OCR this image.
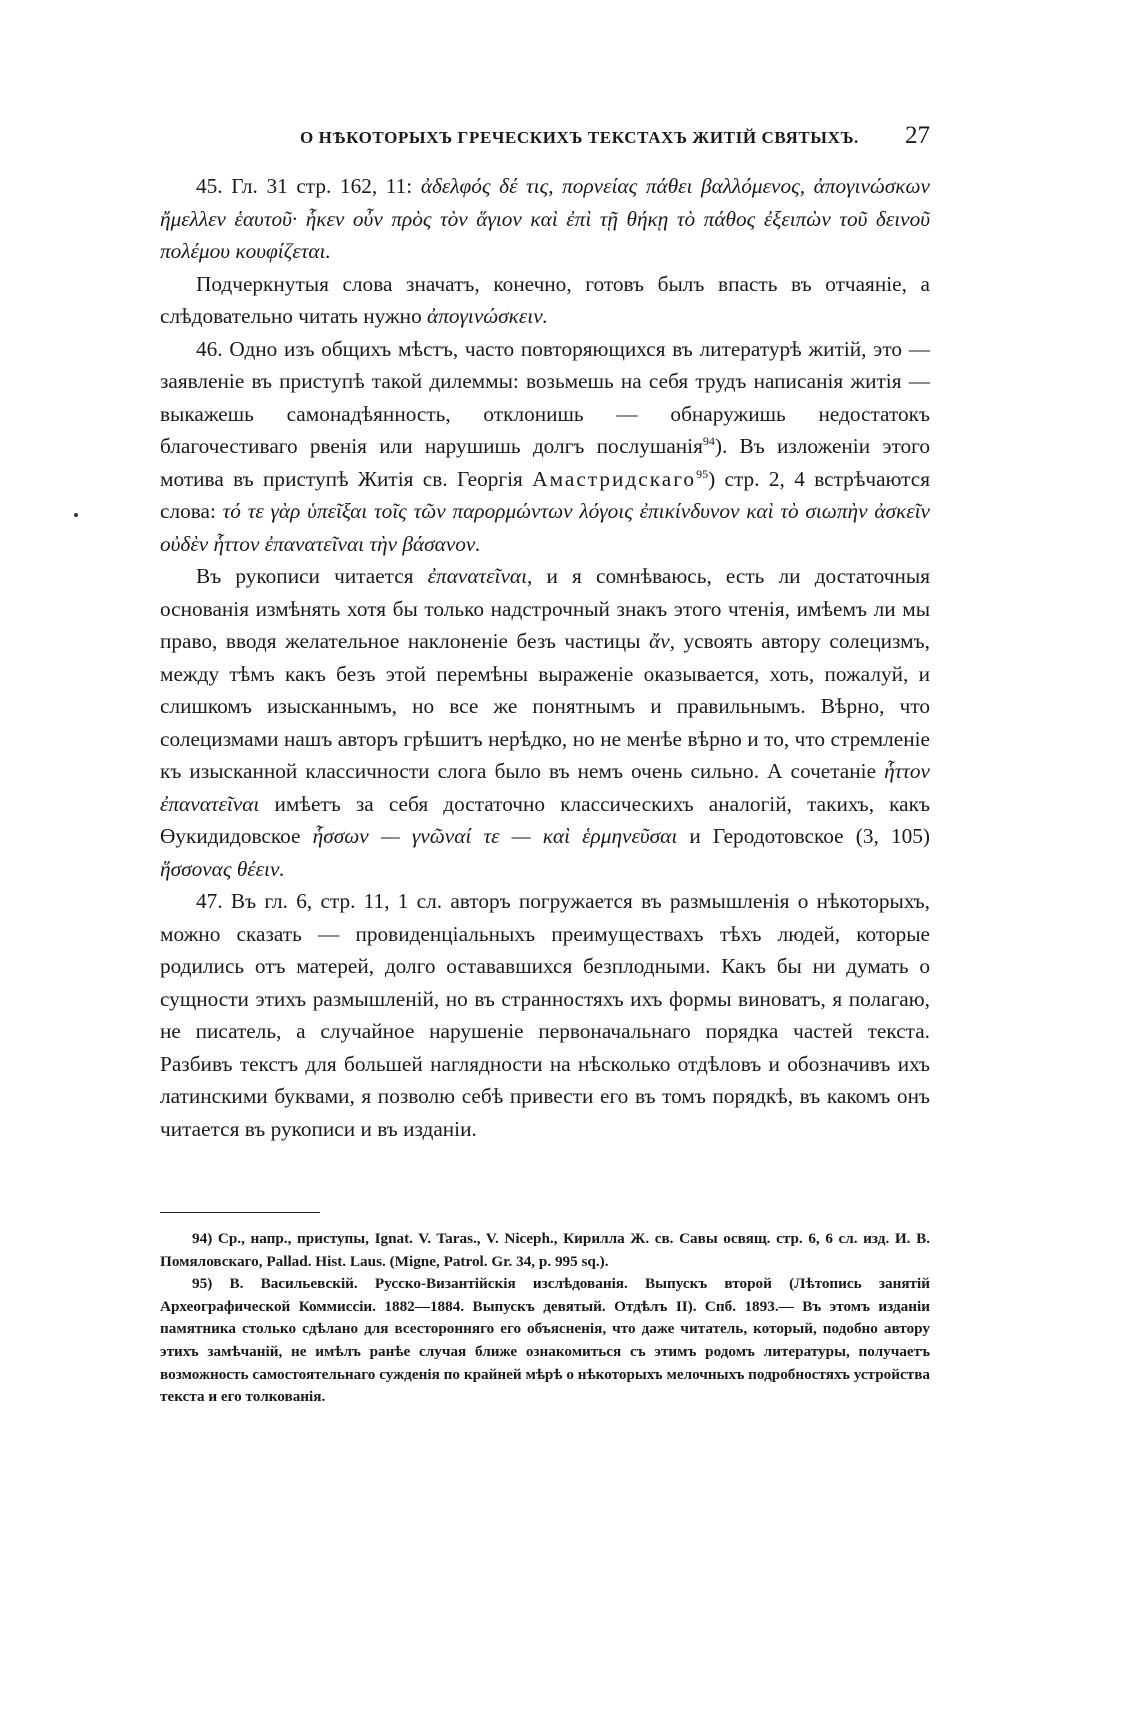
О НѢКОТОРЫХЪ ГРЕЧЕСКИХЪ ТЕКСТАХЪ ЖИТІЙ СВЯТЫХЪ. 27

45. Гл. 31 стр. 162, 11: ἀδελφός δέ τις, πορνείας πάθει βαλλόμενος, ἀπογινώσκων ἤμελλεν ἑαυτοῦ· ἧκεν οὖν πρὸς τὸν ἅγιον καὶ ἐπὶ τῇ θήκῃ τὸ πάθος ἐξειπὼν τοῦ δεινοῦ πολέμου κουφίζεται.

Подчеркнутыя слова значатъ, конечно, готовъ былъ впасть въ отчаяніе, а слѣдовательно читать нужно ἀπογινώσκειν.

46. Одно изъ общихъ мѣстъ, часто повторяющихся въ литературѣ житій, это — заявленіе въ приступѣ такой дилеммы: возьмешь на себя трудъ написанія житія — выкажешь самонадѣянность, отклонишь — обнаружишь недостатокъ благочестиваго рвенія или нарушишь долгъ послушанія$^{94}$). Въ изложеніи этого мотива въ приступѣ Житія св. Георгія Амастридскаго$^{95}$) стр. 2, 4 встрѣчаются слова: τό τε γὰρ ὑπεῖξαι τοῖς τῶν παρορμώντων λόγοις ἐπικίνδυνον καὶ τὸ σιωπὴν ἀσκεῖν οὐδὲν ἧττον ἐπανατεῖναι τὴν βάσανον.

Въ рукописи читается ἐπανατεῖναι, и я сомнѣваюсь, есть ли достаточныя основанія измѣнять хотя бы только надстрочный знакъ этого чтенія, имѣемъ ли мы право, вводя желательное наклоненіе безъ частицы ἄν, усвоять автору солецизмъ, между тѣмъ какъ безъ этой перемѣны выраженіе оказывается, хоть, пожалуй, и слишкомъ изысканнымъ, но все же понятнымъ и правильнымъ. Вѣрно, что солецизмами нашъ авторъ грѣшитъ нерѣдко, но не менѣе вѣрно и то, что стремленіе къ изысканной классичности слога было въ немъ очень сильно. А сочетаніе ἧττον ἐπανατεῖναι имѣетъ за себя достаточно классическихъ аналогій, такихъ, какъ Өукидидовское ἧσσων — γνῶναί τε — καὶ ἑρμηνεῦσαι и Геродотовское (3, 105) ἥσσονας θέειν.

47. Въ гл. 6, стр. 11, 1 сл. авторъ погружается въ размышленія о нѣкоторыхъ, можно сказать — провиденціальныхъ преимуществахъ тѣхъ людей, которые родились отъ матерей, долго остававшихся безплодными. Какъ бы ни думать о сущности этихъ размышленій, но въ странностяхъ ихъ формы виноватъ, я полагаю, не писатель, а случайное нарушеніе первоначальнаго порядка частей текста. Разбивъ текстъ для большей наглядности на нѣсколько отдѣловъ и обозначивъ ихъ латинскими буквами, я позволю себѣ привести его въ томъ порядкѣ, въ какомъ онъ читается въ рукописи и въ изданіи.

94) Ср., напр., приступы, Ignat. V. Taras., V. Niceph., Кирилла Ж. св. Савы освящ. стр. 6, 6 сл. изд. И. В. Помяловскаго, Pallad. Hist. Laus. (Migne, Patrol. Gr. 34, p. 995 sq.).

95) В. Васильевскій. Русско-Византійскія изслѣдованія. Выпускъ второй (Лѣтопись занятій Археографической Коммиссіи. 1882—1884. Выпускъ девятый. Отдѣлъ II). Спб. 1893.— Въ этомъ изданіи памятника столько сдѣлано для всесторонняго его объясненія, что даже читатель, который, подобно автору этихъ замѣчаній, не имѣлъ ранѣе случая ближе ознакомиться съ этимъ родомъ литературы, получаетъ возможность самостоятельнаго сужденія по крайней мѣрѣ о нѣкоторыхъ мелочныхъ подробностяхъ устройства текста и его толкованія.
